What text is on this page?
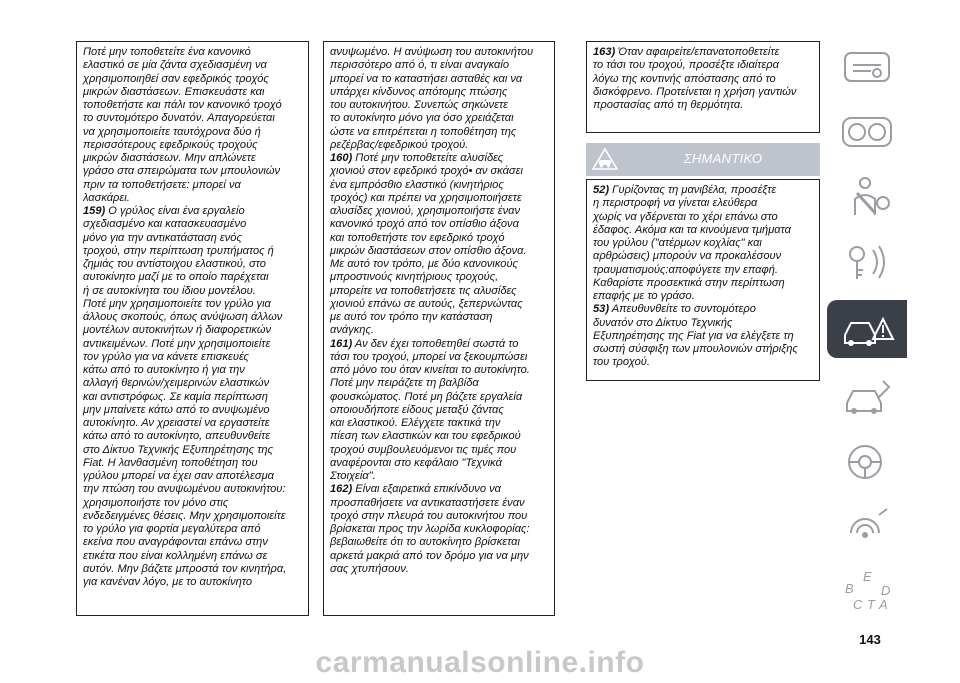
Ποτέ μην τοποθετείτε ένα κανονικό
ελαστικό σε μία ζάντα σχεδιασμένη να
χρησιμοποιηθεί σαν εφεδρικός τροχός
μικρών διαστάσεων. Επισκευάστε και
τοποθετήστε και πάλι τον κανονικό τροχό
το συντομότερο δυνατόν. Απαγορεύεται
να χρησιμοποιείτε ταυτόχρονα δύο ή
περισσότερους εφεδρικούς τροχούς
μικρών διαστάσεων. Μην απλώνετε
γράσο στα σπειρώματα των μπουλονιών
πριν τα τοποθετήσετε: μπορεί να
λασκάρει.
159) Ο γρύλος είναι ένα εργαλείο
σχεδιασμένο και κατασκευασμένο
μόνο για την αντικατάσταση ενός
τροχού, στην περίπτωση τρυπήματος ή
ζημιάς του αντίστοιχου ελαστικού, στο
αυτοκίνητο μαζί με το οποίο παρέχεται
ή σε αυτοκίνητα του ίδιου μοντέλου.
Ποτέ μην χρησιμοποιείτε τον γρύλο για
άλλους σκοπούς, όπως ανύψωση άλλων
μοντέλων αυτοκινήτων ή διαφορετικών
αντικειμένων. Ποτέ μην χρησιμοποιείτε
τον γρύλο για να κάνετε επισκευές
κάτω από το αυτοκίνητο ή για την
αλλαγή θερινών/χειμερινών ελαστικών
και αντιστρόφως. Σε καμία περίπτωση
μην μπαίνετε κάτω από το ανυψωμένο
αυτοκίνητο. Αν χρειαστεί να εργαστείτε
κάτω από το αυτοκίνητο, απευθυνθείτε
στο Δίκτυο Τεχνικής Εξυπηρέτησης της
Fiat. Η λανθασμένη τοποθέτηση του
γρύλου μπορεί να έχει σαν αποτέλεσμα
την πτώση του ανυψωμένου αυτοκινήτου:
χρησιμοποιήστε τον μόνο στις
ενδεδειγμένες θέσεις. Μην χρησιμοποιείτε
το γρύλο για φορτία μεγαλύτερα από
εκείνα που αναγράφονται επάνω στην
ετικέτα που είναι κολλημένη επάνω σε
αυτόν. Μην βάζετε μπροστά τον κινητήρα,
για κανέναν λόγο, με το αυτοκίνητο
ανυψωμένο. Η ανύψωση του αυτοκινήτου
περισσότερο από ό, τι είναι αναγκαίο
μπορεί να το καταστήσει ασταθές και να
υπάρχει κίνδυνος απότομης πτώσης
του αυτοκινήτου. Συνεπώς σηκώνετε
το αυτοκίνητο μόνο για όσο χρειάζεται
ώστε να επιτρέπεται η τοποθέτηση της
ρεζέρβας/εφεδρικού τροχού.
160) Ποτέ μην τοποθετείτε αλυσίδες
χιονιού στον εφεδρικό τροχό• αν σκάσει
ένα εμπρόσθιο ελαστικό (κινητήριος
τροχός) και πρέπει να χρησιμοποιήσετε
αλυσίδες χιονιού, χρησιμοποιήστε έναν
κανονικό τροχό από τον οπίσθιο άξονα
και τοποθετήστε τον εφεδρικό τροχό
μικρών διαστάσεων στον οπίσθιο άξονα.
Με αυτό τον τρόπο, με δύο κανονικούς
μπροστινούς κινητήριους τροχούς,
μπορείτε να τοποθετήσετε τις αλυσίδες
χιονιού επάνω σε αυτούς, ξεπερνώντας
με αυτό τον τρόπο την κατάσταση
ανάγκης.
161) Αν δεν έχει τοποθετηθεί σωστά το
τάσι του τροχού, μπορεί να ξεκουμπώσει
από μόνο του όταν κινείται το αυτοκίνητο.
Ποτέ μην πειράζετε τη βαλβίδα
φουσκώματος. Ποτέ μη βάζετε εργαλεία
οποιουδήποτε είδους μεταξύ ζάντας
και ελαστικού. Ελέγχετε τακτικά την
πίεση των ελαστικών και του εφεδρικού
τροχού συμβουλευόμενοι τις τιμές που
αναφέρονται στο κεφάλαιο "Τεχνικά
Στοιχεία".
162) Είναι εξαιρετικά επικίνδυνο να
προσπαθήσετε να αντικαταστήσετε έναν
τροχό στην πλευρά του αυτοκινήτου που
βρίσκεται προς την λωρίδα κυκλοφορίας:
βεβαιωθείτε ότι το αυτοκίνητο βρίσκεται
αρκετά μακριά από τον δρόμο για να μην
σας χτυπήσουν.
163) Όταν αφαιρείτε/επανατοποθετείτε
το τάσι του τροχού, προσέξτε ιδιαίτερα
λόγω της κοντινής απόστασης από το
δισκόφρενο. Προτείνεται η χρήση γαντιών
προστασίας από τη θερμότητα.
ΣΗΜΑΝΤΙΚΟ
52) Γυρίζοντας τη μανιβέλα, προσέξτε
η περιστροφή να γίνεται ελεύθερα
χωρίς να γδέρνεται το χέρι επάνω στο
έδαφος. Ακόμα και τα κινούμενα τμήματα
του γρύλου ("ατέρμων κοχλίας" και
αρθρώσεις) μπορούν να προκαλέσουν
τραυματισμούς:αποφύγετε την επαφή.
Καθαρίστε προσεκτικά στην περίπτωση
επαφής με το γράσο.
53) Απευθυνθείτε το συντομότερο
δυνατόν στο Δίκτυο Τεχνικής
Εξυπηρέτησης της Fiat για να ελέγξετε τη
σωστή σύσφιξη των μπουλονιών στήριξης
του τροχού.
E
B D
C T A
143
carmanualsonline.info
